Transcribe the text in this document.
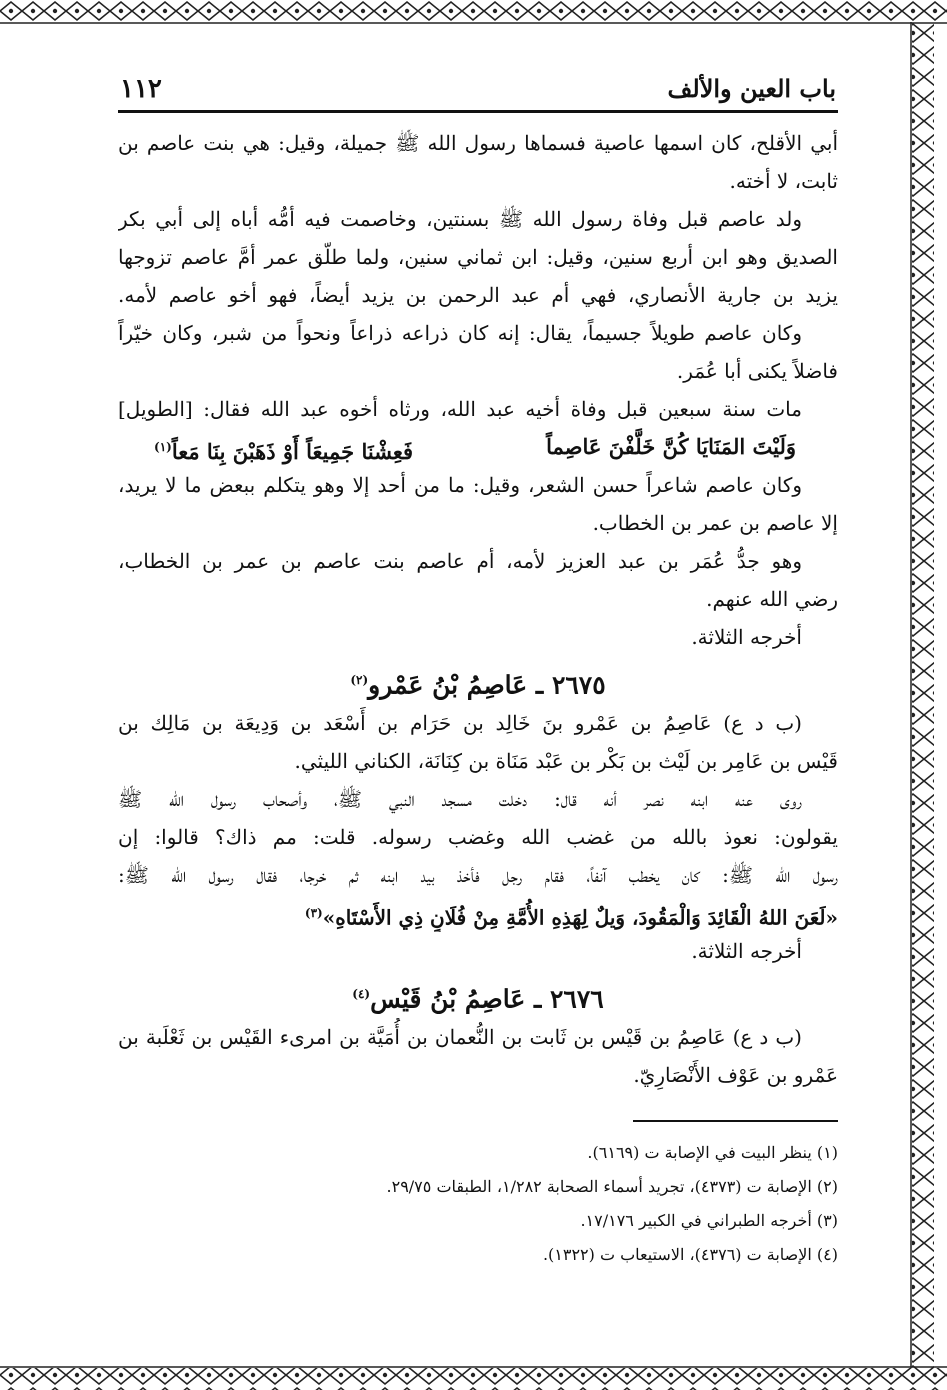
باب العين والألف
١١٢
أبي الأقلح، كان اسمها عاصية فسماها رسول الله ﷺ جميلة، وقيل: هي بنت عاصم بن
ثابت، لا أخته.
ولد عاصم قبل وفاة رسول الله ﷺ بسنتين، وخاصمت فيه أمُّه أباه إلى أبي بكر
الصديق وهو ابن أربع سنين، وقيل: ابن ثماني سنين، ولما طلّق عمر أمَّ عاصم تزوجها
يزيد بن جارية الأنصاري، فهي أم عبد الرحمن بن يزيد أيضاً، فهو أخو عاصم لأمه.
وكان عاصم طويلاً جسيماً، يقال: إنه كان ذراعه ذراعاً ونحواً من شبر، وكان خيّراً
فاضلاً يكنى أبا عُمَر.
مات سنة سبعين قبل وفاة أخيه عبد الله، ورثاه أخوه عبد الله فقال: [الطويل]
وَلَيْتَ المَنَايَا كُنَّ خَلَّفْنَ عَاصِماً
فَعِشْنَا جَمِيعَاً أَوْ ذَهَبْنَ بِنَا مَعاً$^{(١)}$
وكان عاصم شاعراً حسن الشعر، وقيل: ما من أحد إلا وهو يتكلم ببعض ما لا يريد،
إلا عاصم بن عمر بن الخطاب.
وهو جدُّ عُمَر بن عبد العزيز لأمه، أم عاصم بنت عاصم بن عمر بن الخطاب،
رضي الله عنهم.
أخرجه الثلاثة.
٢٦٧٥ ـ عَاصِمُ بْنُ عَمْرو$^{(٢)}$
(ب د ع) عَاصِمُ بن عَمْرو بنَ خَالِد بن حَرَام بن أَسْعَد بن وَدِيعَة بن مَالِك بن
قَيْس بن عَامِر بن لَيْث بن بَكْر بن عَبْد مَنَاة بن كِنَانَة، الكناني الليثي.
روى عنه ابنه نصر أنه قال: دخلت مسجد النبي ﷺ، وأصحاب رسول الله ﷺ
يقولون: نعوذ بالله من غضب الله وغضب رسوله. قلت: مم ذاك؟ قالوا: إن
رسول الله ﷺ: كان يخطب آنفاً، فقام رجل فأخذ بيد ابنه ثم خرجا، فقال رسول الله ﷺ:
«لَعَنَ اللهُ الْقَائِدَ وَالْمَقُودَ، وَيلٌ لِهَذِهِ الأُمَّةِ مِنْ فُلَانٍ ذِي الأَسْتَاهِ»$^{(٣)}$
أخرجه الثلاثة.
٢٦٧٦ ـ عَاصِمُ بْنُ قَيْس$^{(٤)}$
(ب د ع) عَاصِمُ بن قَيْس بن ثَابت بن النُّعمان بن أُمَيَّة بن امرىء القَيْس بن ثَعْلَبة بن
عَمْرو بن عَوْف الأَنْصَارِيّ.
(١) ينظر البيت في الإصابة ت (٦١٦٩).
(٢) الإصابة ت (٤٣٧٣)، تجريد أسماء الصحابة ١/٢٨٢، الطبقات ٢٩/٧٥.
(٣) أخرجه الطبراني في الكبير ١٧/١٧٦.
(٤) الإصابة ت (٤٣٧٦)، الاستيعاب ت (١٣٢٢).
